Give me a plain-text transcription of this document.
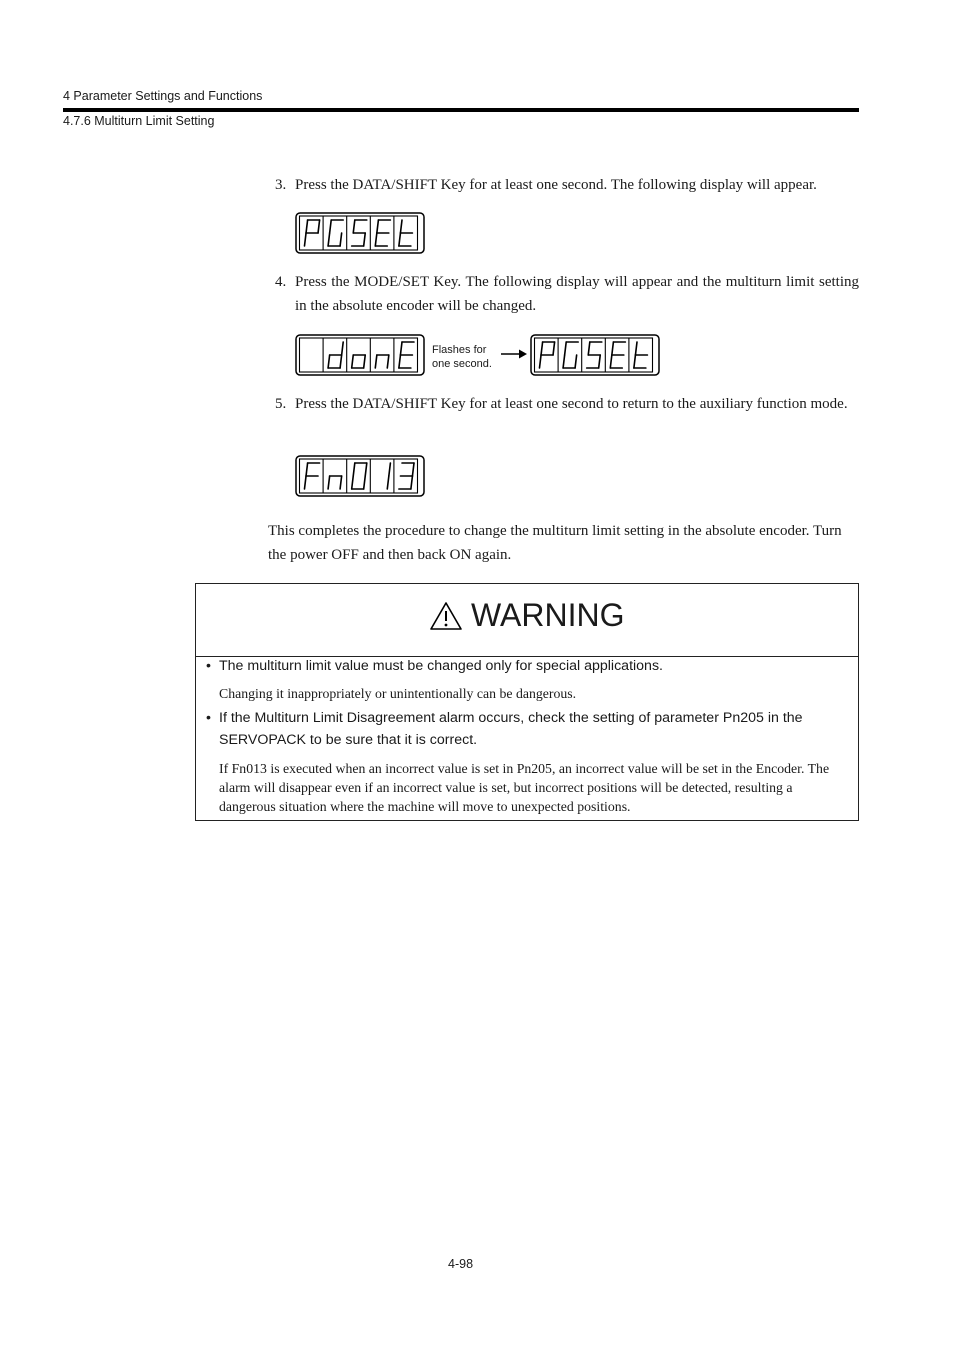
4 Parameter Settings and Functions
4.7.6 Multiturn Limit Setting
3. Press the DATA/SHIFT Key for at least one second. The following display will appear.
4. Press the MODE/SET Key. The following display will appear and the multiturn limit setting in the absolute encoder will be changed.
Flashes for
one second.
5. Press the DATA/SHIFT Key for at least one second to return to the auxiliary function mode.
This completes the procedure to change the multiturn limit setting in the absolute encoder. Turn the power OFF and then back ON again.
WARNING
• The multiturn limit value must be changed only for special applications.
Changing it inappropriately or unintentionally can be dangerous.
• If the Multiturn Limit Disagreement alarm occurs, check the setting of parameter Pn205 in the SERVOPACK to be sure that it is correct.
If Fn013 is executed when an incorrect value is set in Pn205, an incorrect value will be set in the Encoder. The alarm will disappear even if an incorrect value is set, but incorrect positions will be detected, resulting a dangerous situation where the machine will move to unexpected positions.
4-98
